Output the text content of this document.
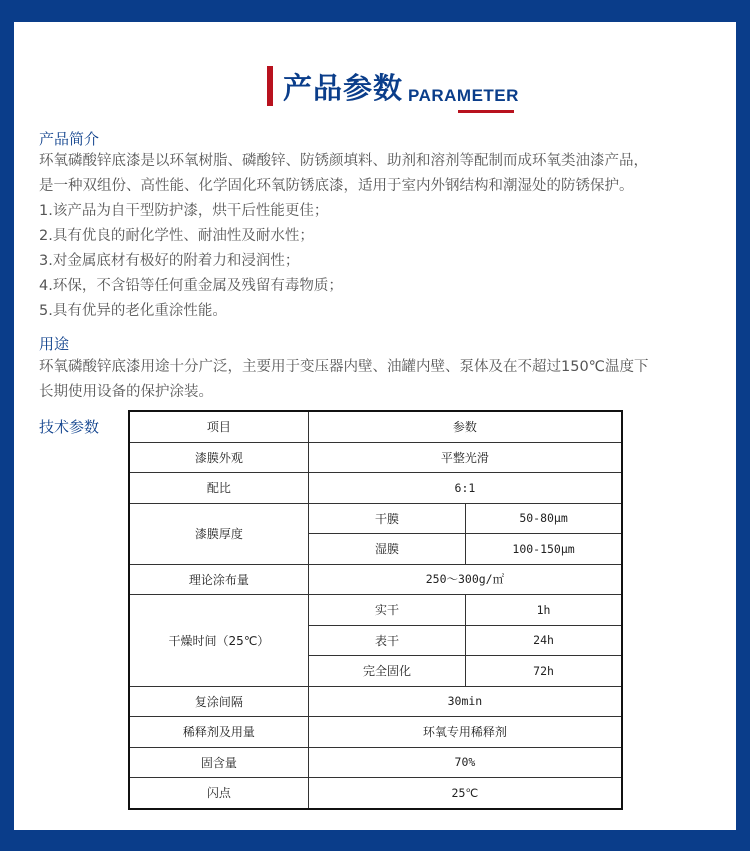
产品参数 PARAMETER
产品简介
环氧磷酸锌底漆是以环氧树脂、磷酸锌、防锈颜填料、助剂和溶剂等配制而成环氧类油漆产品，
是一种双组份、高性能、化学固化环氧防锈底漆，适用于室内外钢结构和潮湿处的防锈保护。
1.该产品为自干型防护漆，烘干后性能更佳；
2.具有优良的耐化学性、耐油性及耐水性；
3.对金属底材有极好的附着力和浸润性；
4.环保，不含铅等任何重金属及残留有毒物质；
5.具有优异的老化重涂性能。
用途
环氧磷酸锌底漆用途十分广泛，主要用于变压器内壁、油罐内壁、泵体及在不超过150℃温度下
长期使用设备的保护涂装。
技术参数	项目	参数	
漆膜外观	平整光滑	
配比	6:1	
漆膜厚度	干膜	50-80μm
	湿膜	100-150μm
理论涂布量	250～300g/㎡	
干燥时间（25℃）	实干	1h
	表干	24h
	完全固化	72h
复涂间隔	30min	
稀释剂及用量	环氧专用稀释剂	
固含量	70%	
闪点	25℃	
